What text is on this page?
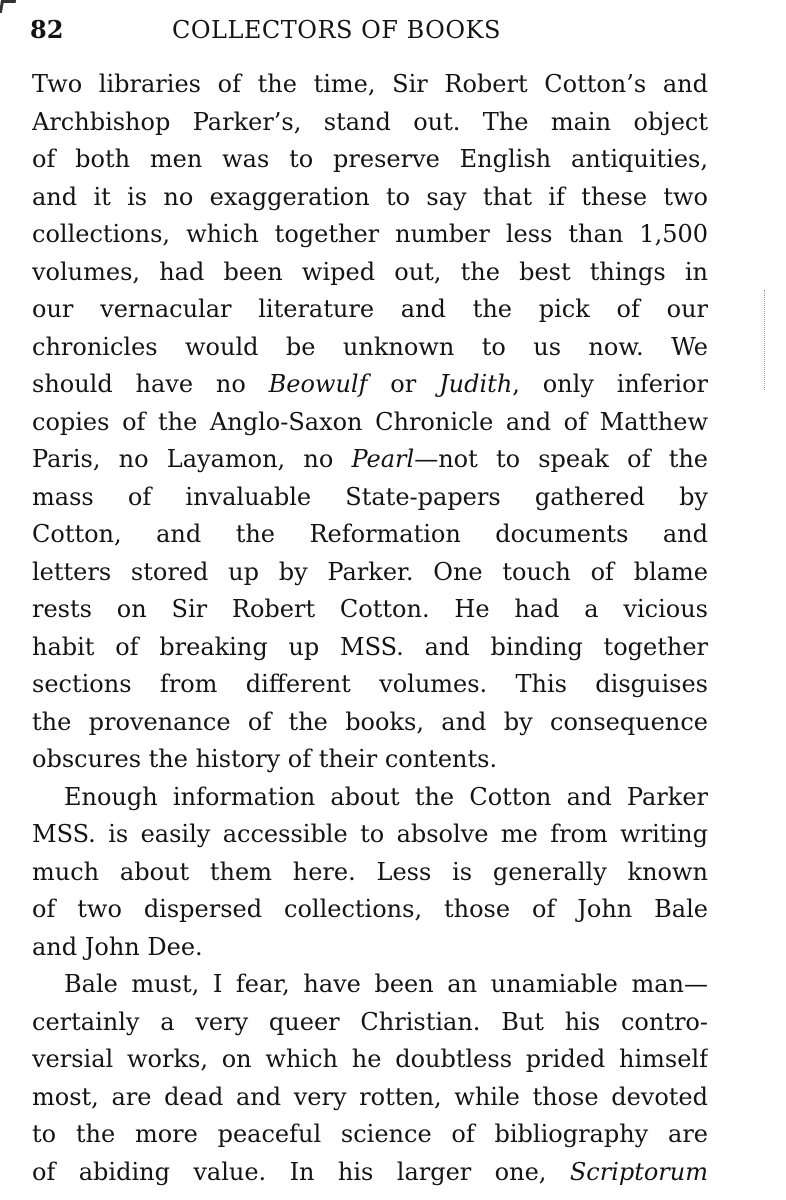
82	COLLECTORS OF BOOKS
Two libraries of the time, Sir Robert Cotton’s and
Archbishop Parker’s, stand out. The main object
of both men was to preserve English antiquities,
and it is no exaggeration to say that if these two
collections, which together number less than 1,500
volumes, had been wiped out, the best things in
our vernacular literature and the pick of our
chronicles would be unknown to us now. We
should have no Beowulf or Judith, only inferior
copies of the Anglo-Saxon Chronicle and of Matthew
Paris, no Layamon, no Pearl—not to speak of the
mass of invaluable State-papers gathered by
Cotton, and the Reformation documents and
letters stored up by Parker. One touch of blame
rests on Sir Robert Cotton. He had a vicious
habit of breaking up MSS. and binding together
sections from different volumes. This disguises
the provenance of the books, and by consequence
obscures the history of their contents.
Enough information about the Cotton and Parker
MSS. is easily accessible to absolve me from writing
much about them here. Less is generally known
of two dispersed collections, those of John Bale
and John Dee.
Bale must, I fear, have been an unamiable man—
certainly a very queer Christian. But his contro-
versial works, on which he doubtless prided himself
most, are dead and very rotten, while those devoted
to the more peaceful science of bibliography are
of abiding value. In his larger one, Scriptorum
